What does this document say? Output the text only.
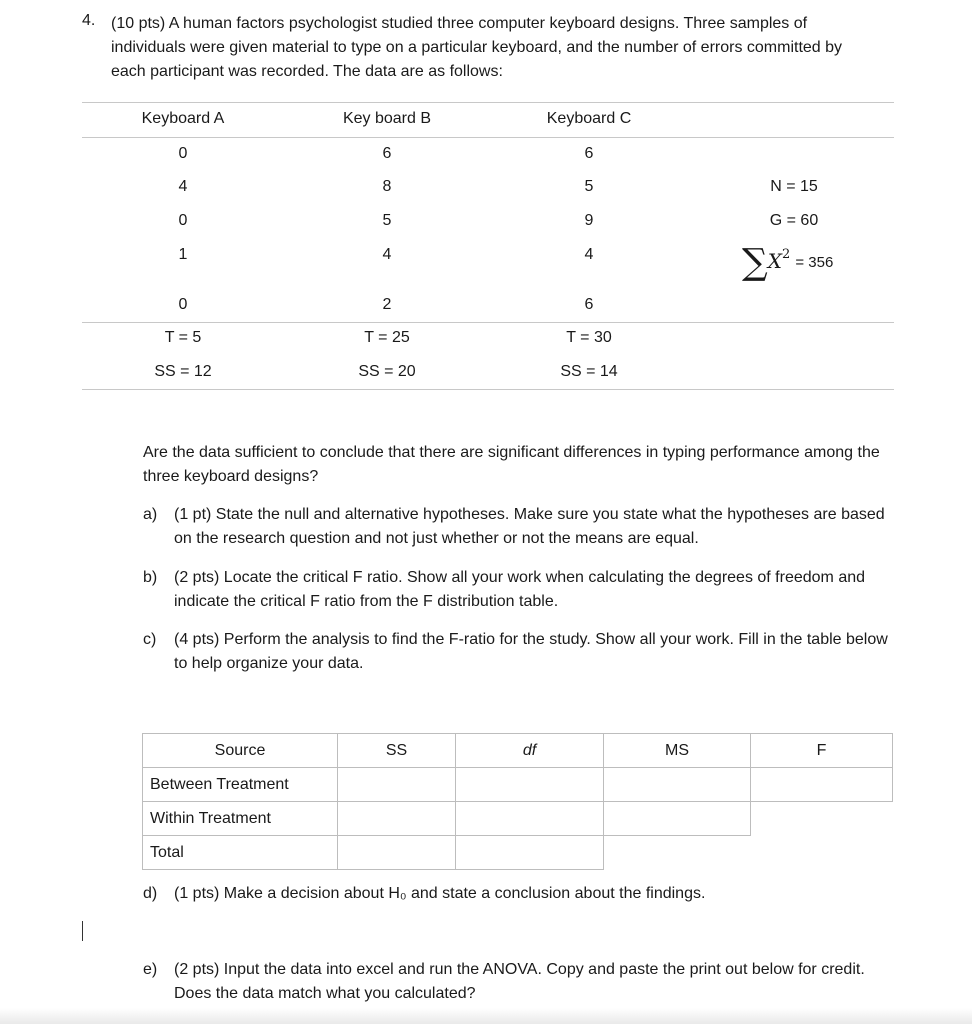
4. (10 pts) A human factors psychologist studied three computer keyboard designs. Three samples of individuals were given material to type on a particular keyboard, and the number of errors committed by each participant was recorded. The data are as follows:
Keyboard A	Key board B	Keyboard C
0	6	6
4	8	5
0	5	9
1	4	4
0	2	6
T = 5	T = 25	T = 30
SS = 12	SS = 20	SS = 14
N = 15
G = 60
$\sum X^2 = 356$
Are the data sufficient to conclude that there are significant differences in typing performance among the three keyboard designs?
a) (1 pt) State the null and alternative hypotheses. Make sure you state what the hypotheses are based on the research question and not just whether or not the means are equal.
b) (2 pts) Locate the critical F ratio. Show all your work when calculating the degrees of freedom and indicate the critical F ratio from the F distribution table.
c) (4 pts) Perform the analysis to find the F-ratio for the study. Show all your work. Fill in the table below to help organize your data.
Source	SS	df	MS	F
Between Treatment				
Within Treatment				
Total				
d) (1 pts) Make a decision about H₀ and state a conclusion about the findings.
e) (2 pts) Input the data into excel and run the ANOVA. Copy and paste the print out below for credit. Does the data match what you calculated?
